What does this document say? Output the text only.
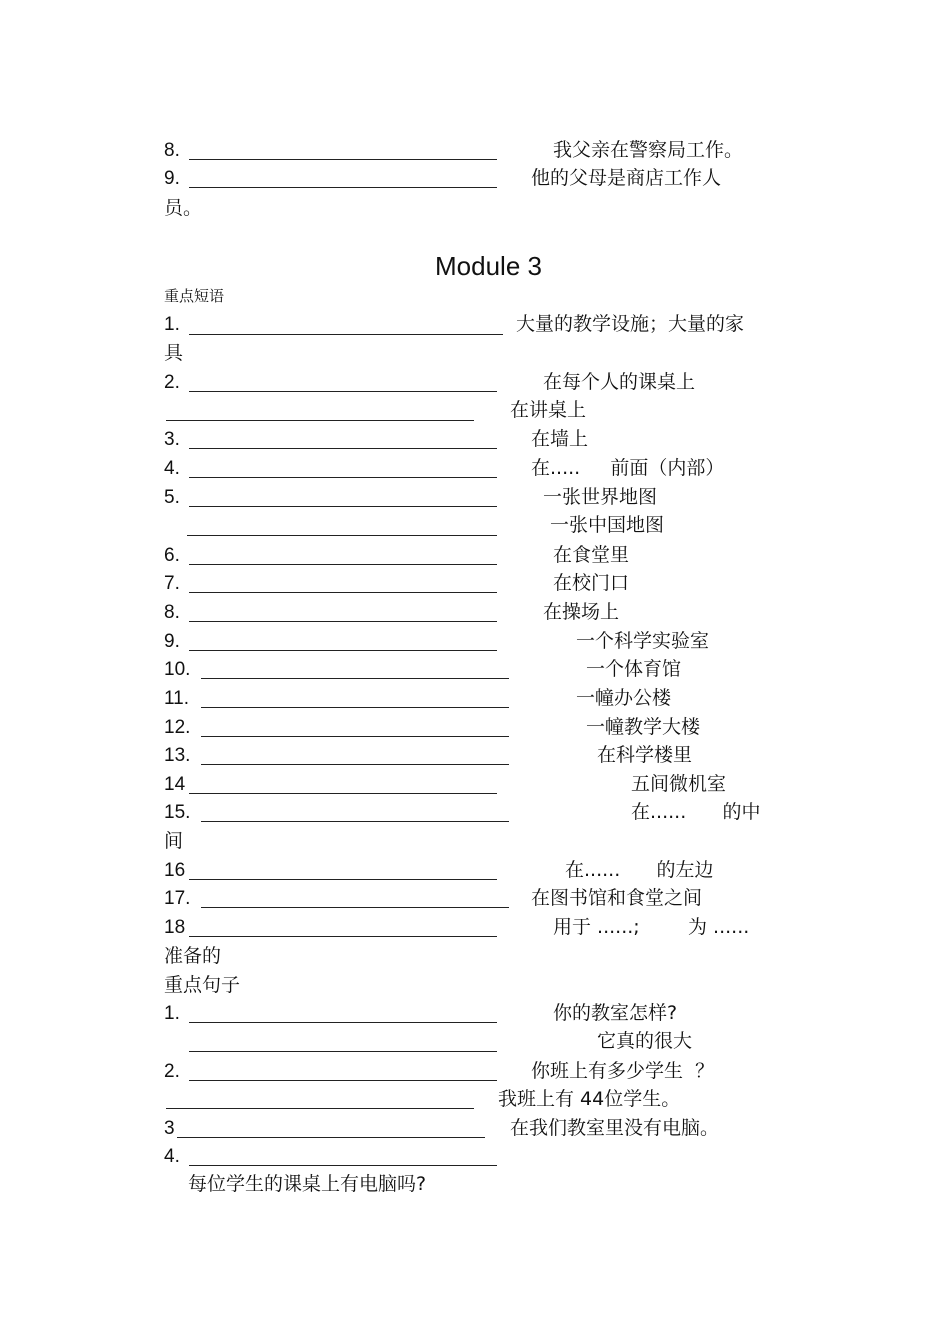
8.	我父亲在警察局工作。
9.	他的父母是商店工作人
员。
Module 3
重点短语
1.	大量的教学设施；大量的家
具
2.	在每个人的课桌上
在讲桌上
3.	在墙上
4.	在.....     前面（内部）
5.	一张世界地图
一张中国地图
6.	在食堂里
7.	在校门口
8.	在操场上
9.	一个科学实验室
10.	一个体育馆
11.	一幢办公楼
12.	一幢教学大楼
13.	在科学楼里
14	五间微机室
15.	在......      的中
间
16	在......      的左边
17.	在图书馆和食堂之间
18	用于 ......;        为 ......
准备的
重点句子
1.	你的教室怎样?
它真的很大
2.	你班上有多少学生  ？
我班上有 44位学生。
3	在我们教室里没有电脑。
4.
每位学生的课桌上有电脑吗?
